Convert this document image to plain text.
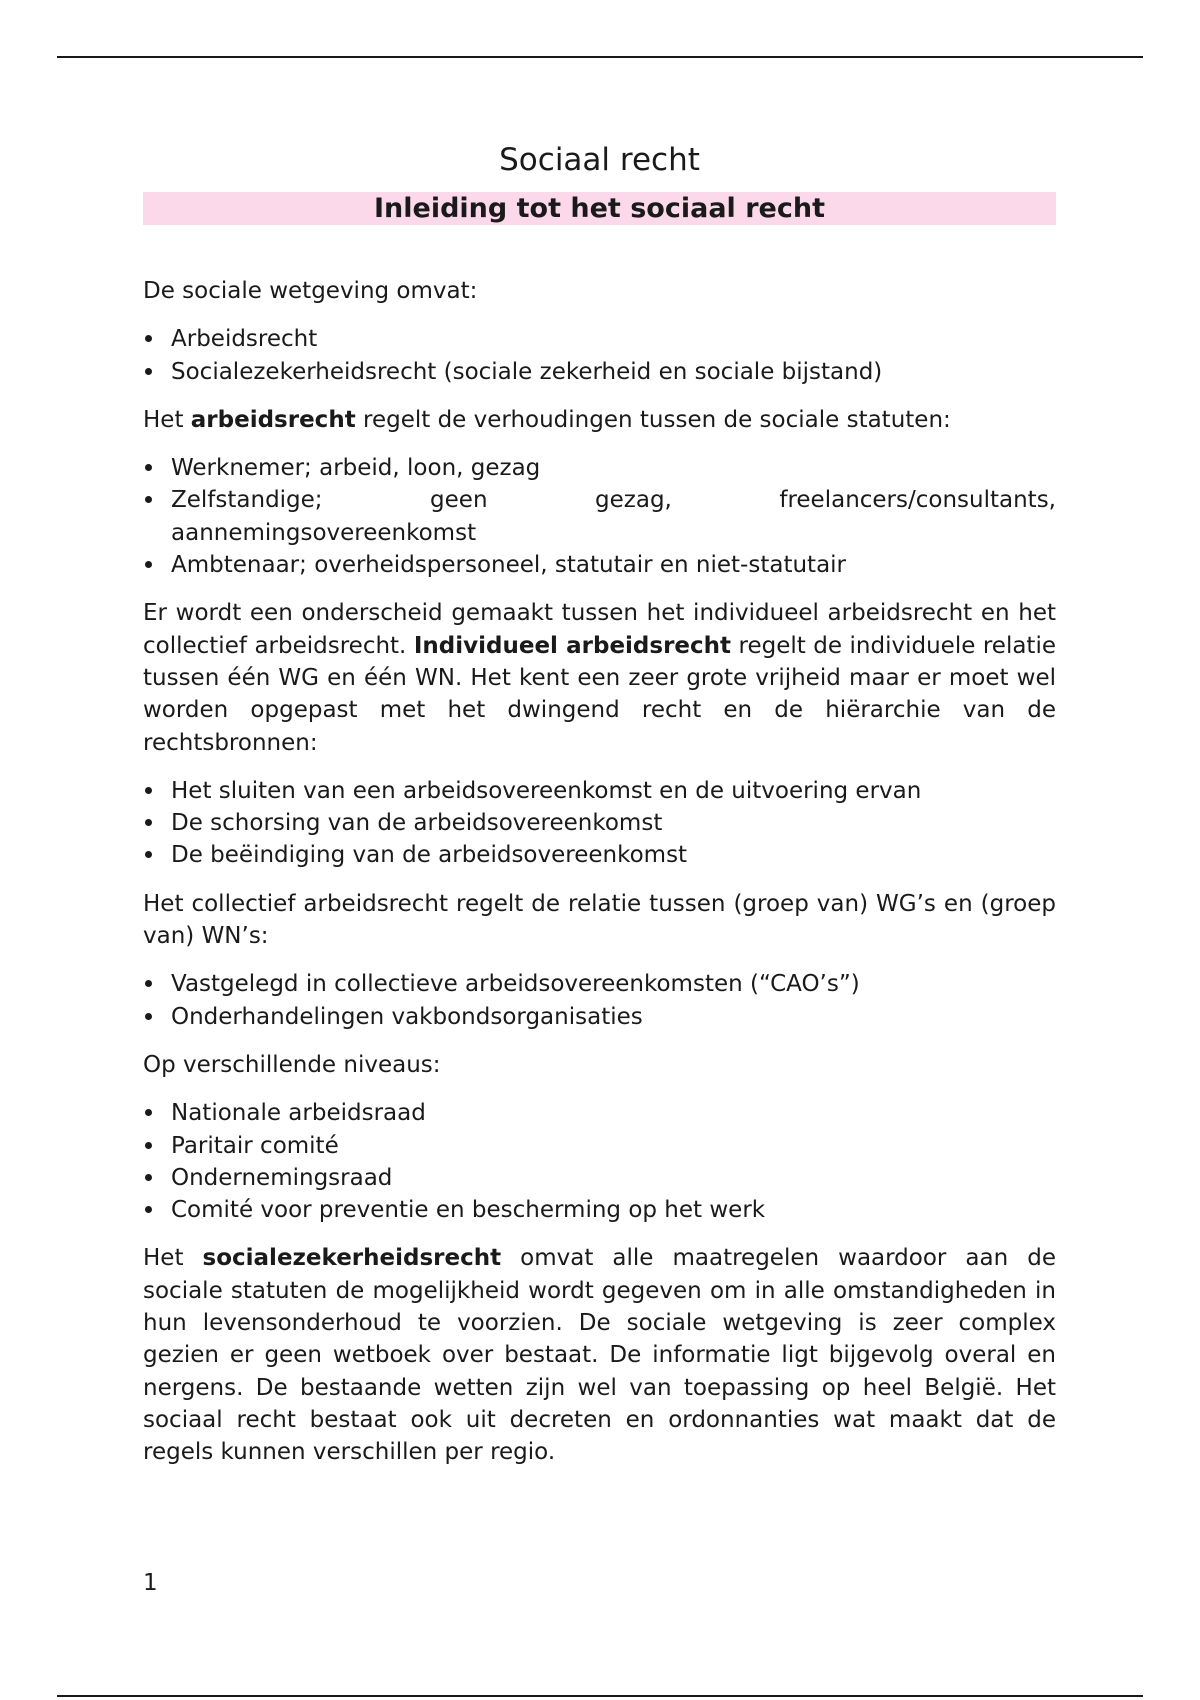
Sociaal recht
Inleiding tot het sociaal recht

De sociale wetgeving omvat:

Arbeidsrecht
Socialezekerheidsrecht (sociale zekerheid en sociale bijstand)

Het arbeidsrecht regelt de verhoudingen tussen de sociale statuten:

Werknemer; arbeid, loon, gezag
Zelfstandige; geen gezag, freelancers/consultants, aannemingsovereenkomst
Ambtenaar; overheidspersoneel, statutair en niet-statutair

Er wordt een onderscheid gemaakt tussen het individueel arbeidsrecht en het collectief arbeidsrecht. Individueel arbeidsrecht regelt de individuele relatie tussen één WG en één WN. Het kent een zeer grote vrijheid maar er moet wel worden opgepast met het dwingend recht en de hiërarchie van de rechtsbronnen:

Het sluiten van een arbeidsovereenkomst en de uitvoering ervan
De schorsing van de arbeidsovereenkomst
De beëindiging van de arbeidsovereenkomst

Het collectief arbeidsrecht regelt de relatie tussen (groep van) WG’s en (groep van) WN’s:

Vastgelegd in collectieve arbeidsovereenkomsten (“CAO’s”)
Onderhandelingen vakbondsorganisaties

Op verschillende niveaus:

Nationale arbeidsraad
Paritair comité
Ondernemingsraad
Comité voor preventie en bescherming op het werk

Het socialezekerheidsrecht omvat alle maatregelen waardoor aan de sociale statuten de mogelijkheid wordt gegeven om in alle omstandigheden in hun levensonderhoud te voorzien. De sociale wetgeving is zeer complex gezien er geen wetboek over bestaat. De informatie ligt bijgevolg overal en nergens. De bestaande wetten zijn wel van toepassing op heel België. Het sociaal recht bestaat ook uit decreten en ordonnanties wat maakt dat de regels kunnen verschillen per regio.

1
